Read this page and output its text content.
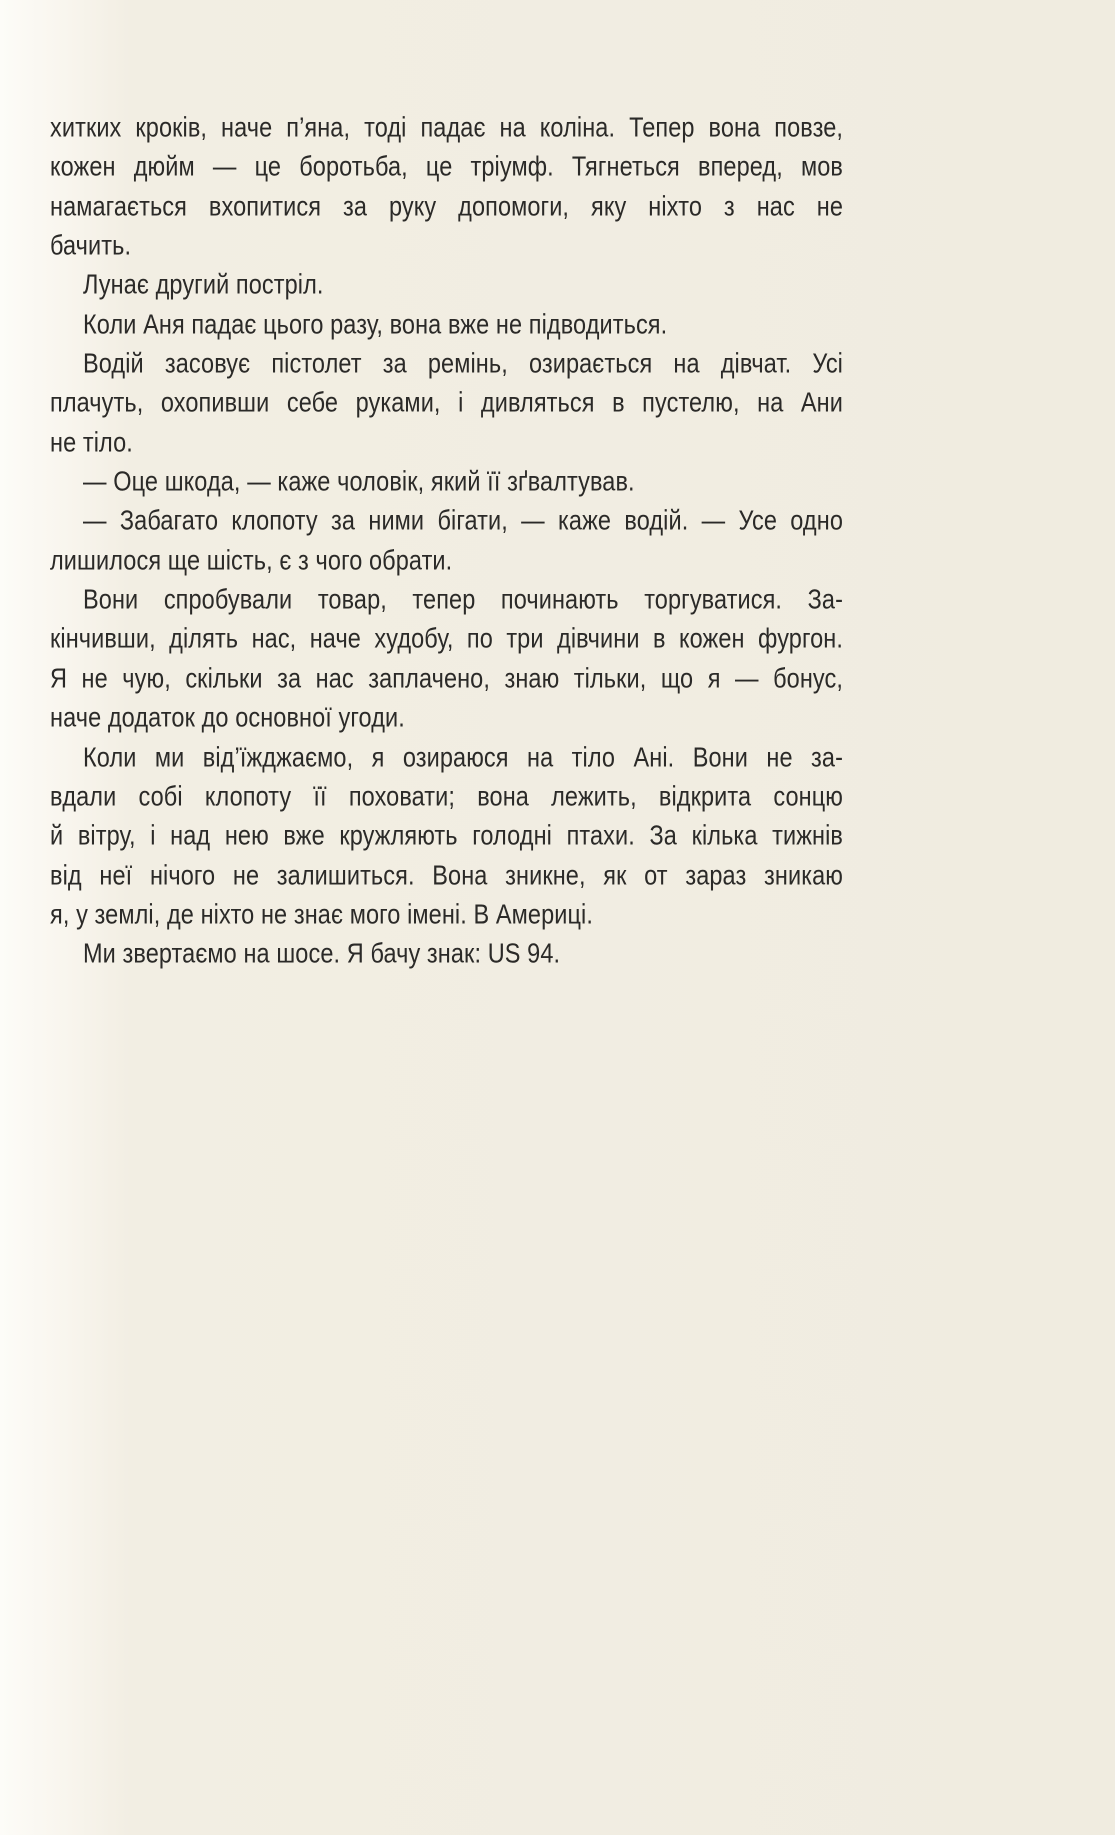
хитких кроків, наче п’яна, тоді падає на коліна. Тепер вона повзе,
кожен дюйм — це боротьба, це тріумф. Тягнеться вперед, мов
намагається вхопитися за руку допомоги, яку ніхто з нас не
бачить.
Лунає другий постріл.
Коли Аня падає цього разу, вона вже не підводиться.
Водій засовує пістолет за ремінь, озирається на дівчат. Усі
плачуть, охопивши себе руками, і дивляться в пустелю, на Ани
не тіло.
— Оце шкода, — каже чоловік, який її зґвалтував.
— Забагато клопоту за ними бігати, — каже водій. — Усе одно
лишилося ще шість, є з чого обрати.
Вони спробували товар, тепер починають торгуватися. За-
кінчивши, ділять нас, наче худобу, по три дівчини в кожен фургон.
Я не чую, скільки за нас заплачено, знаю тільки, що я — бонус,
наче додаток до основної угоди.
Коли ми від’їжджаємо, я озираюся на тіло Ані. Вони не за-
вдали собі клопоту її поховати; вона лежить, відкрита сонцю
й вітру, і над нею вже кружляють голодні птахи. За кілька тижнів
від неї нічого не залишиться. Вона зникне, як от зараз зникаю
я, у землі, де ніхто не знає мого імені. В Америці.
Ми звертаємо на шосе. Я бачу знак: US 94.
